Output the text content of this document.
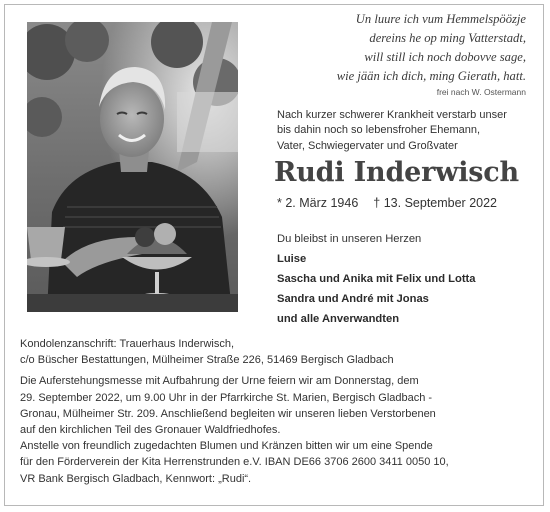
Un luure ich vum Hemmelspöözje
dereins he op ming Vatterstadt,
will still ich noch dobovve sage,
wie jään ich dich, ming Gierath, hatt.
frei nach W. Ostermann
Nach kurzer schwerer Krankheit verstarb unser
bis dahin noch so lebensfroher Ehemann,
Vater, Schwiegervater und Großvater
Rudi Inderwisch
* 2. März 1946 † 13. September 2022
Du bleibst in unseren Herzen
Luise
Sascha und Anika mit Felix und Lotta
Sandra und André mit Jonas
und alle Anverwandten
Kondolenzanschrift: Trauerhaus Inderwisch,
c/o Büscher Bestattungen, Mülheimer Straße 226, 51469 Bergisch Gladbach
Die Auferstehungsmesse mit Aufbahrung der Urne feiern wir am Donnerstag, dem
29. September 2022, um 9.00 Uhr in der Pfarrkirche St. Marien, Bergisch Gladbach -
Gronau, Mülheimer Str. 209. Anschließend begleiten wir unseren lieben Verstorbenen
auf den kirchlichen Teil des Gronauer Waldfriedhofes.
Anstelle von freundlich zugedachten Blumen und Kränzen bitten wir um eine Spende
für den Förderverein der Kita Herrenstrunden e.V. IBAN DE66 3706 2600 3411 0050 10,
VR Bank Bergisch Gladbach, Kennwort: „Rudi“.
